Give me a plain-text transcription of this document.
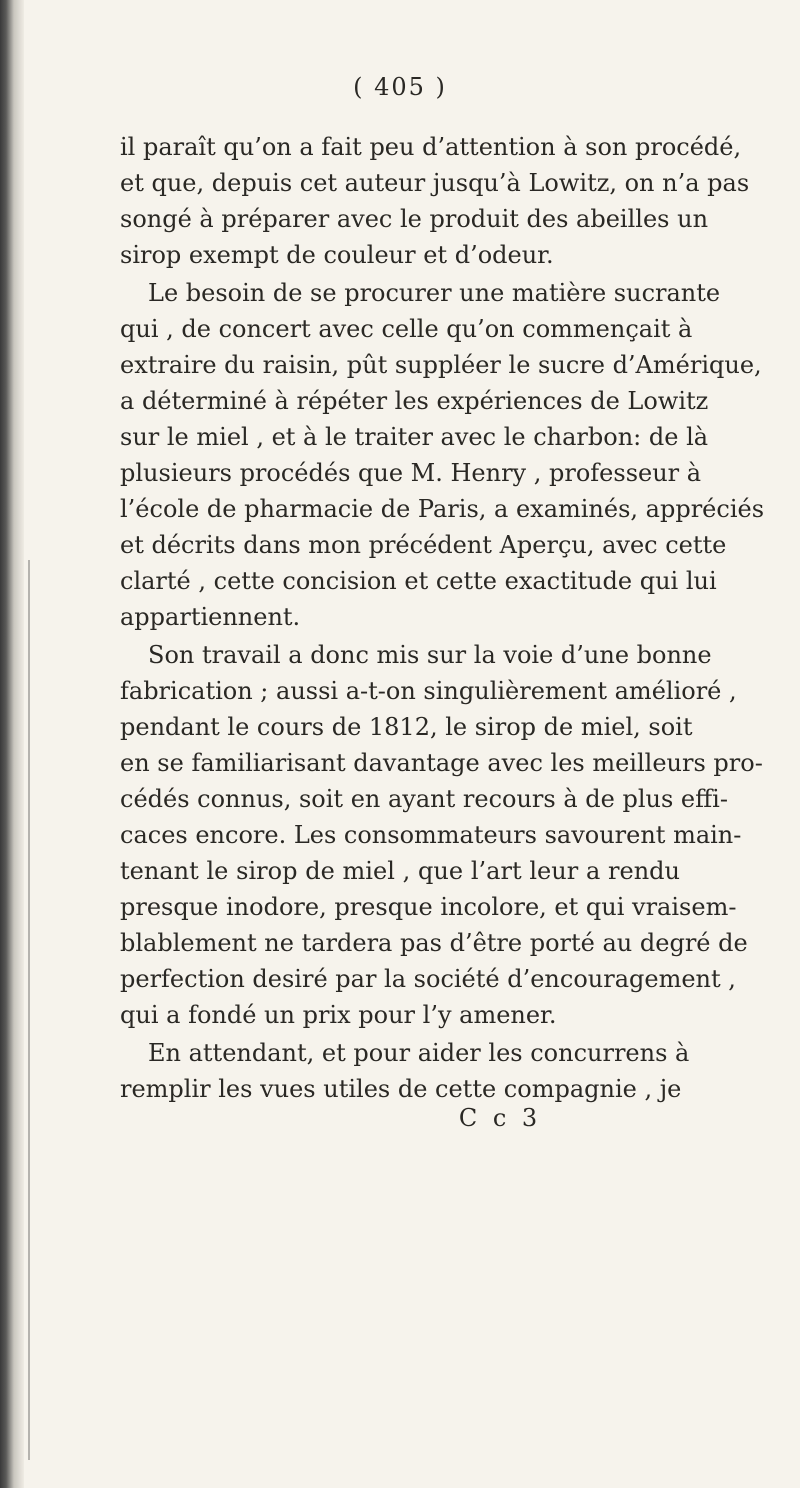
( 405 )
il paraît qu’on a fait peu d’attention à son procédé,
et que, depuis cet auteur jusqu’à Lowitz, on n’a pas
songé à préparer avec le produit des abeilles un
sirop exempt de couleur et d’odeur.
Le besoin de se procurer une matière sucrante
qui , de concert avec celle qu’on commençait à
extraire du raisin, pût suppléer le sucre d’Amérique,
a déterminé à répéter les expériences de Lowitz
sur le miel , et à le traiter avec le charbon: de là
plusieurs procédés que M. Henry , professeur à
l’école de pharmacie de Paris, a examinés, appréciés
et décrits dans mon précédent Aperçu, avec cette
clarté , cette concision et cette exactitude qui lui
appartiennent.
Son travail a donc mis sur la voie d’une bonne
fabrication ; aussi a-t-on singulièrement amélioré ,
pendant le cours de 1812, le sirop de miel, soit
en se familiarisant davantage avec les meilleurs pro-
cédés connus, soit en ayant recours à de plus effi-
caces encore. Les consommateurs savourent main-
tenant le sirop de miel , que l’art leur a rendu
presque inodore, presque incolore, et qui vraisem-
blablement ne tardera pas d’être porté au degré de
perfection desiré par la société d’encouragement ,
qui a fondé un prix pour l’y amener.
En attendant, et pour aider les concurrens à
remplir les vues utiles de cette compagnie , je
C c 3
